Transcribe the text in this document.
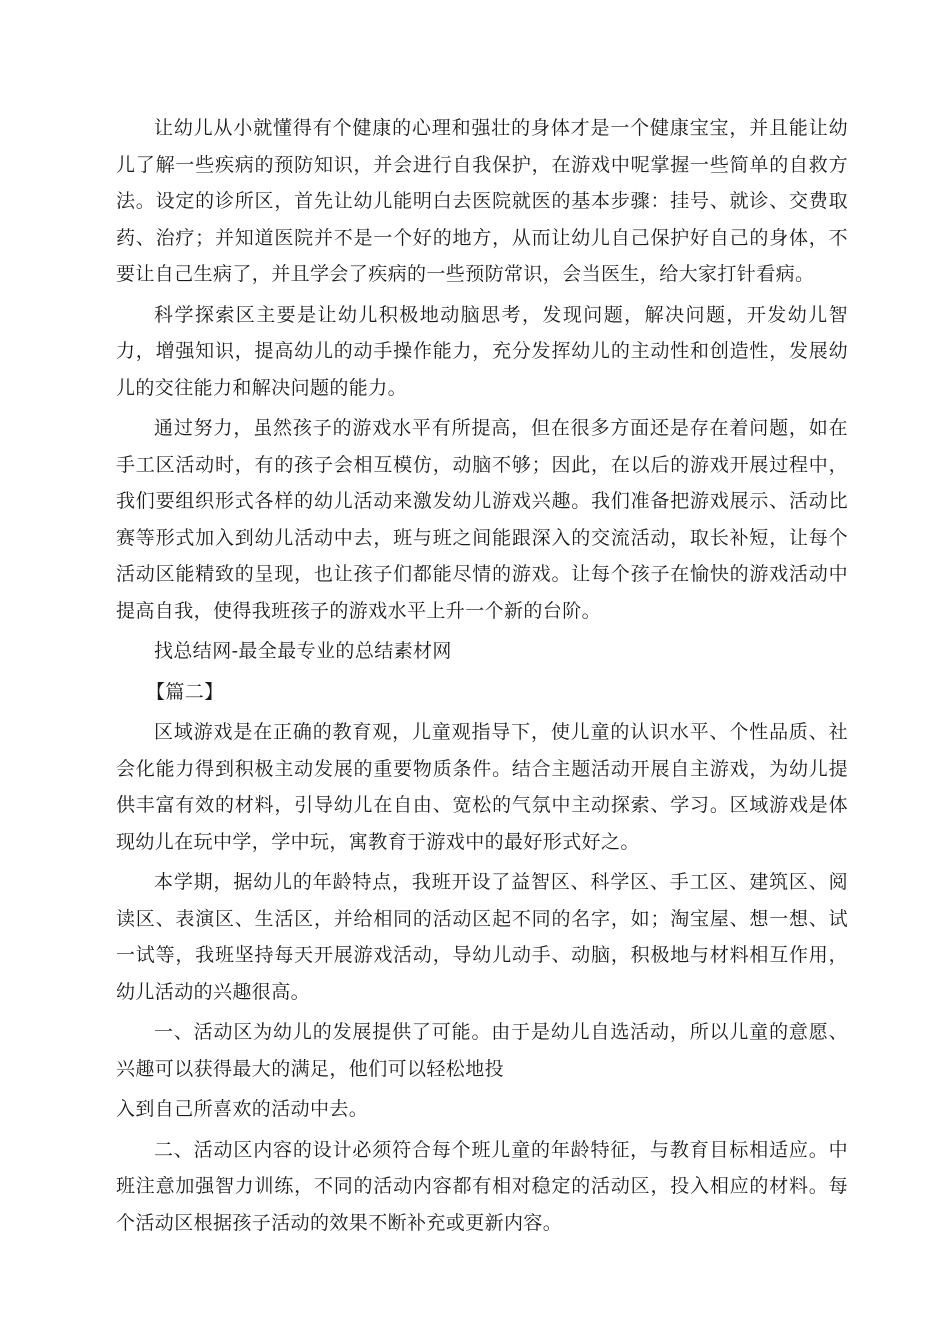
让幼儿从小就懂得有个健康的心理和强壮的身体才是一个健康宝宝，并且能让幼儿了解一些疾病的预防知识，并会进行自我保护，在游戏中呢掌握一些简单的自救方法。设定的诊所区，首先让幼儿能明白去医院就医的基本步骤：挂号、就诊、交费取药、治疗；并知道医院并不是一个好的地方，从而让幼儿自己保护好自己的身体，不要让自己生病了，并且学会了疾病的一些预防常识，会当医生，给大家打针看病。

科学探索区主要是让幼儿积极地动脑思考，发现问题，解决问题，开发幼儿智力，增强知识，提高幼儿的动手操作能力，充分发挥幼儿的主动性和创造性，发展幼儿的交往能力和解决问题的能力。

通过努力，虽然孩子的游戏水平有所提高，但在很多方面还是存在着问题，如在手工区活动时，有的孩子会相互模仿，动脑不够；因此，在以后的游戏开展过程中，我们要组织形式各样的幼儿活动来激发幼儿游戏兴趣。我们准备把游戏展示、活动比赛等形式加入到幼儿活动中去，班与班之间能跟深入的交流活动，取长补短，让每个活动区能精致的呈现，也让孩子们都能尽情的游戏。让每个孩子在愉快的游戏活动中提高自我，使得我班孩子的游戏水平上升一个新的台阶。

找总结网-最全最专业的总结素材网

【篇二】

区域游戏是在正确的教育观，儿童观指导下，使儿童的认识水平、个性品质、社会化能力得到积极主动发展的重要物质条件。结合主题活动开展自主游戏，为幼儿提供丰富有效的材料，引导幼儿在自由、宽松的气氛中主动探索、学习。区域游戏是体现幼儿在玩中学，学中玩，寓教育于游戏中的最好形式好之。

本学期，据幼儿的年龄特点，我班开设了益智区、科学区、手工区、建筑区、阅读区、表演区、生活区，并给相同的活动区起不同的名字，如；淘宝屋、想一想、试一试等，我班坚持每天开展游戏活动，导幼儿动手、动脑，积极地与材料相互作用，幼儿活动的兴趣很高。

一、活动区为幼儿的发展提供了可能。由于是幼儿自选活动，所以儿童的意愿、兴趣可以获得最大的满足，他们可以轻松地投

入到自己所喜欢的活动中去。

二、活动区内容的设计必须符合每个班儿童的年龄特征，与教育目标相适应。中班注意加强智力训练，不同的活动内容都有相对稳定的活动区，投入相应的材料。每个活动区根据孩子活动的效果不断补充或更新内容。
